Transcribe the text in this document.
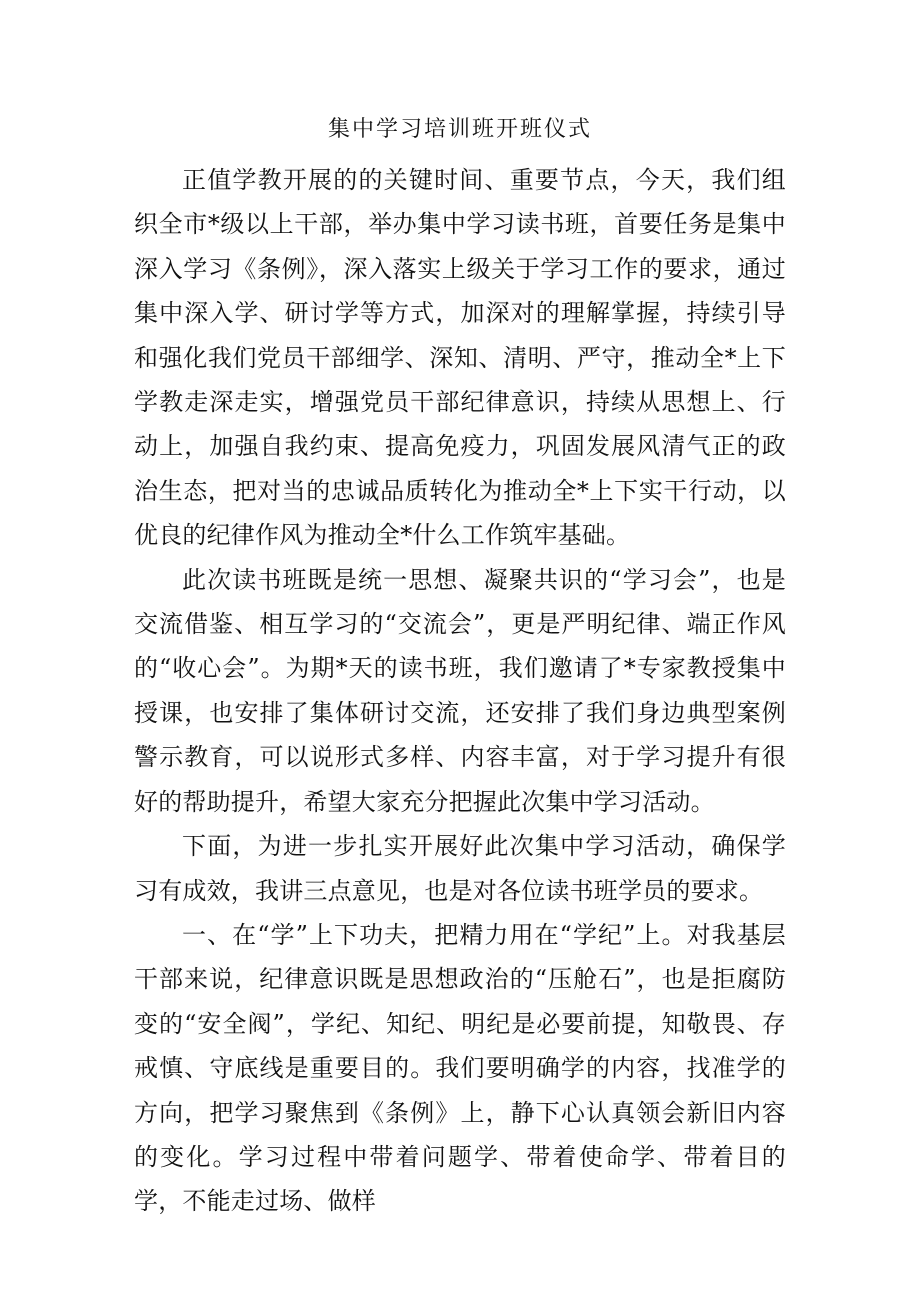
集中学习培训班开班仪式

正值学教开展的的关键时间、重要节点，今天，我们组织全市*级以上干部，举办集中学习读书班，首要任务是集中深入学习《条例》，深入落实上级关于学习工作的要求，通过集中深入学、研讨学等方式，加深对的理解掌握，持续引导和强化我们党员干部细学、深知、清明、严守，推动全*上下学教走深走实，增强党员干部纪律意识，持续从思想上、行动上，加强自我约束、提高免疫力，巩固发展风清气正的政治生态，把对当的忠诚品质转化为推动全*上下实干行动，以优良的纪律作风为推动全*什么工作筑牢基础。

此次读书班既是统一思想、凝聚共识的“学习会”，也是交流借鉴、相互学习的“交流会”，更是严明纪律、端正作风的“收心会”。为期*天的读书班，我们邀请了*专家教授集中授课，也安排了集体研讨交流，还安排了我们身边典型案例警示教育，可以说形式多样、内容丰富，对于学习提升有很好的帮助提升，希望大家充分把握此次集中学习活动。

下面，为进一步扎实开展好此次集中学习活动，确保学习有成效，我讲三点意见，也是对各位读书班学员的要求。

一、在“学”上下功夫，把精力用在“学纪”上。对我基层干部来说，纪律意识既是思想政治的“压舱石”，也是拒腐防变的“安全阀”，学纪、知纪、明纪是必要前提，知敬畏、存戒慎、守底线是重要目的。我们要明确学的内容，找准学的方向，把学习聚焦到《条例》上，静下心认真领会新旧内容的变化。学习过程中带着问题学、带着使命学、带着目的学，不能走过场、做样
